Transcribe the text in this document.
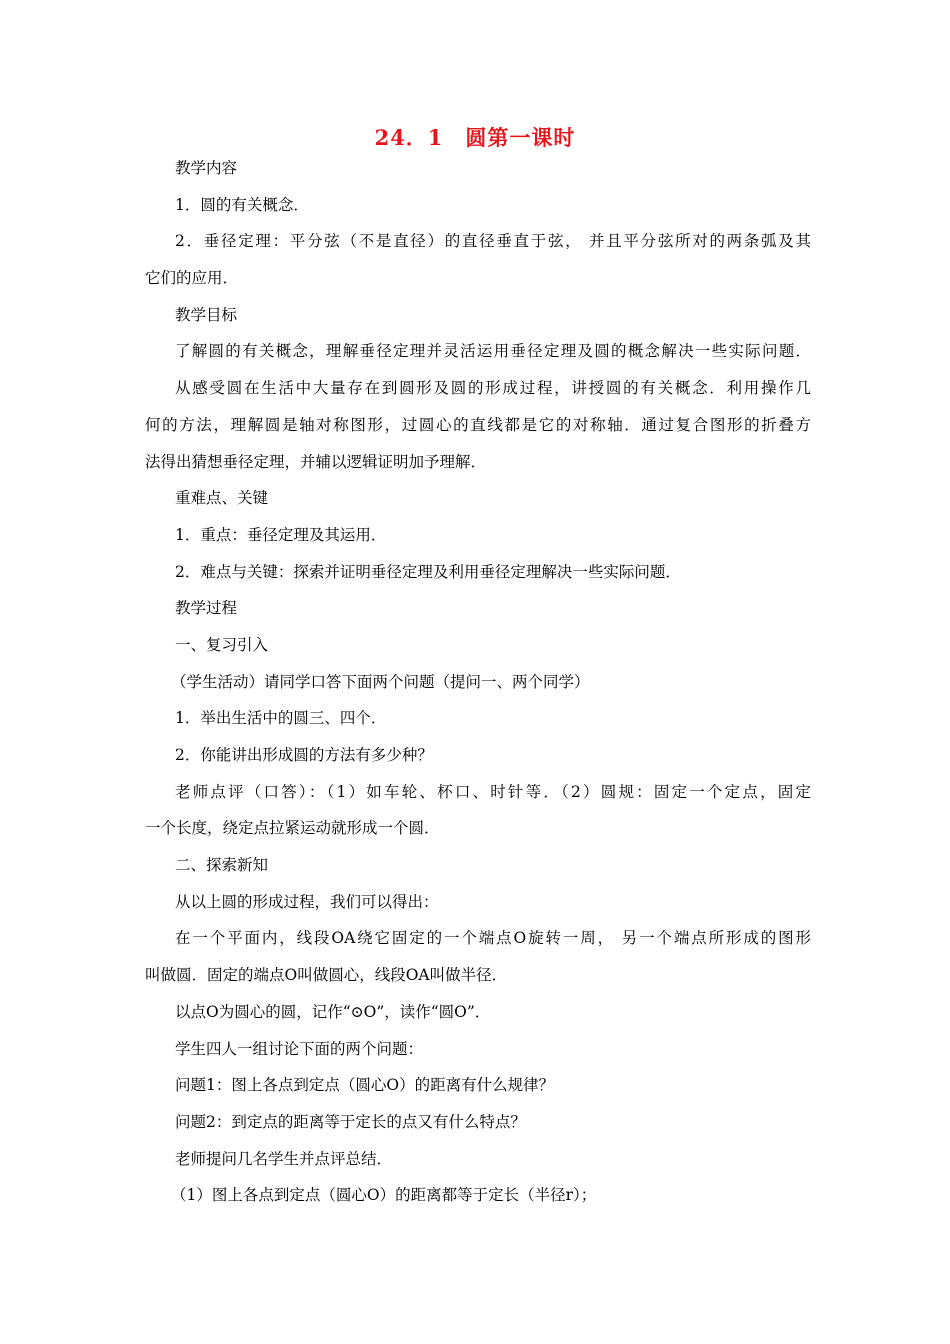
24．1　圆第一课时
教学内容
1．圆的有关概念．
2．垂径定理：平分弦（不是直径）的直径垂直于弦， 并且平分弦所对的两条弧及其
它们的应用．
教学目标
了解圆的有关概念，理解垂径定理并灵活运用垂径定理及圆的概念解决一些实际问题．
从感受圆在生活中大量存在到圆形及圆的形成过程，讲授圆的有关概念．利用操作几
何的方法，理解圆是轴对称图形，过圆心的直线都是它的对称轴．通过复合图形的折叠方
法得出猜想垂径定理，并辅以逻辑证明加予理解．
重难点、关键
1．重点：垂径定理及其运用．
2．难点与关键：探索并证明垂径定理及利用垂径定理解决一些实际问题．
教学过程
一、复习引入
（学生活动）请同学口答下面两个问题（提问一、两个同学）
1．举出生活中的圆三、四个．
2．你能讲出形成圆的方法有多少种？
老师点评（口答）：（1）如车轮、杯口、时针等．（2）圆规：固定一个定点，固定
一个长度，绕定点拉紧运动就形成一个圆．
二、探索新知
从以上圆的形成过程，我们可以得出：
在一个平面内，线段OA绕它固定的一个端点O旋转一周， 另一个端点所形成的图形
叫做圆．固定的端点O叫做圆心，线段OA叫做半径．
以点O为圆心的圆，记作“⊙O”，读作“圆O”．
学生四人一组讨论下面的两个问题：
问题1：图上各点到定点（圆心O）的距离有什么规律？
问题2：到定点的距离等于定长的点又有什么特点？
老师提问几名学生并点评总结．
（1）图上各点到定点（圆心O）的距离都等于定长（半径r）；
